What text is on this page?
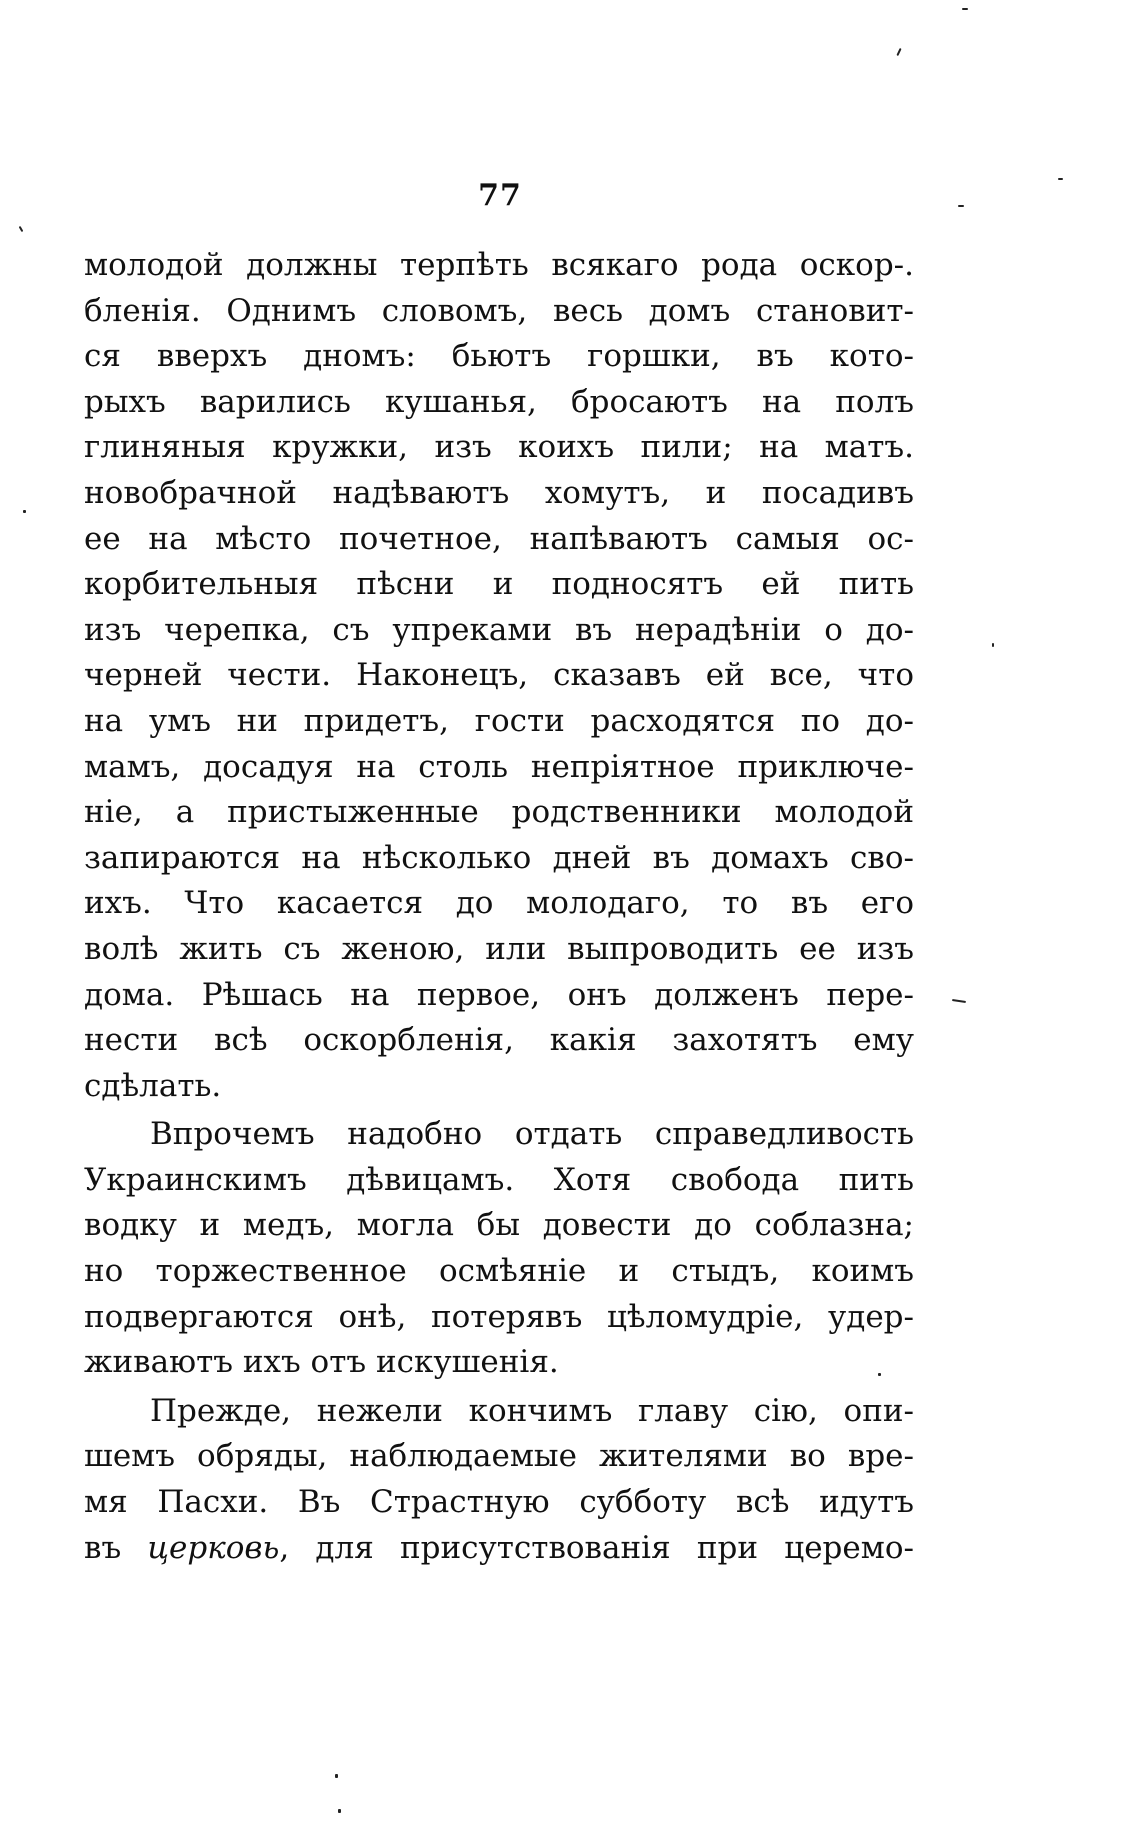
77
молодой должны терпѣть всякаго рода оскор-.
бленія. Однимъ словомъ, весь домъ становит-
ся вверхъ дномъ: бьютъ горшки, въ кото-
рыхъ варились кушанья, бросаютъ на полъ
глиняныя кружки, изъ коихъ пили; на матъ.
новобрачной надѣваютъ хомутъ, и посадивъ
ее на мѣсто почетное, напѣваютъ самыя ос-
корбительныя пѣсни и подносятъ ей пить
изъ черепка, съ упреками въ нерадѣніи о до-
черней чести. Наконецъ, сказавъ ей все, что
на умъ ни придетъ, гости расходятся по до-
мамъ, досадуя на столь непріятное приключе-
ніе, а пристыженные родственники молодой
запираются на нѣсколько дней въ домахъ сво-
ихъ. Что касается до молодаго, то въ его
волѣ жить съ женою, или выпроводить ее изъ
дома. Рѣшась на первое, онъ долженъ пере-
нести всѣ оскорбленія, какія захотятъ ему
сдѣлать.
Впрочемъ надобно отдать справедливость
Украинскимъ дѣвицамъ. Хотя свобода пить
водку и медъ, могла бы довести до соблазна;
но торжественное осмѣяніе и стыдъ, коимъ
подвергаются онѣ, потерявъ цѣломудріе, удер-
живаютъ ихъ отъ искушенія.
Прежде, нежели кончимъ главу сію, опи-
шемъ обряды, наблюдаемые жителями во вре-
мя Пасхи. Въ Страстную субботу всѣ идутъ
въ церковь, для присутствованія при церемо-
